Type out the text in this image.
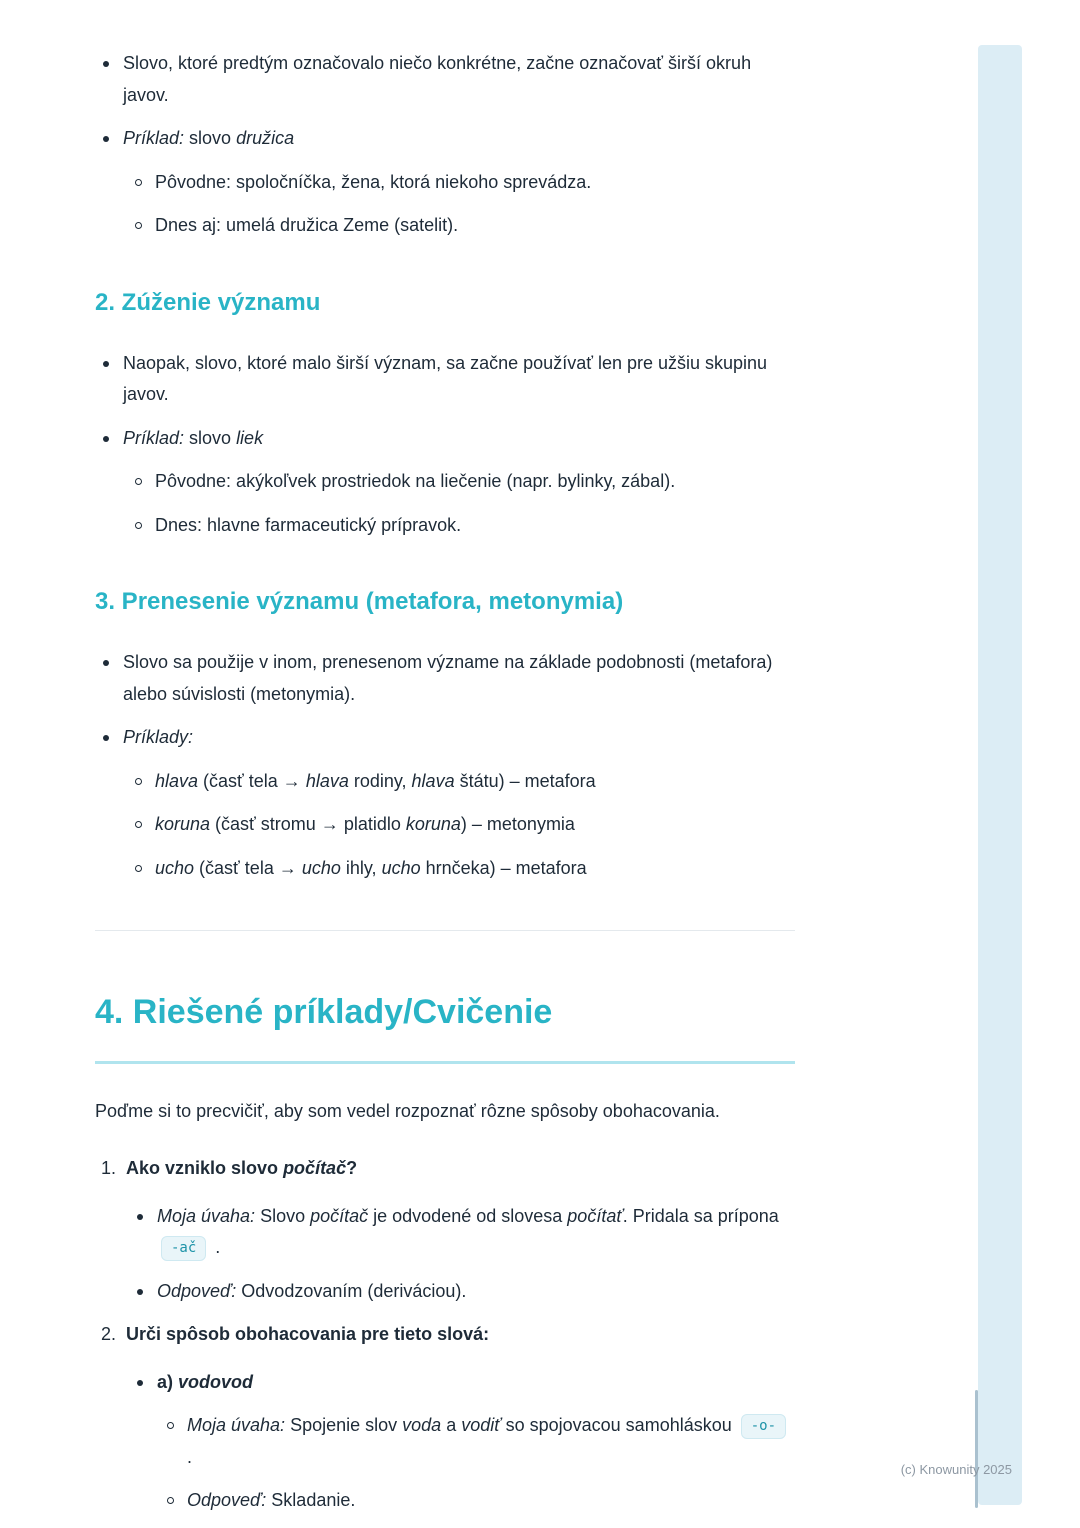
Slovo, ktoré predtým označovalo niečo konkrétne, začne označovať širší okruh javov.
Príklad: slovo družica
Pôvodne: spoločníčka, žena, ktorá niekoho sprevádza.
Dnes aj: umelá družica Zeme (satelit).
2. Zúženie významu
Naopak, slovo, ktoré malo širší význam, sa začne používať len pre užšiu skupinu javov.
Príklad: slovo liek
Pôvodne: akýkoľvek prostriedok na liečenie (napr. bylinky, zábal).
Dnes: hlavne farmaceutický prípravok.
3. Prenesenie významu (metafora, metonymia)
Slovo sa použije v inom, prenesenom význame na základe podobnosti (metafora) alebo súvislosti (metonymia).
Príklady:
hlava (časť tela → hlava rodiny, hlava štátu) – metafora
koruna (časť stromu → platidlo koruna) – metonymia
ucho (časť tela → ucho ihly, ucho hrnčeka) – metafora
4. Riešené príklady/Cvičenie
Poďme si to precvičiť, aby som vedel rozpoznať rôzne spôsoby obohacovania.
1. Ako vzniklo slovo počítač?
Moja úvaha: Slovo počítač je odvodené od slovesa počítať. Pridala sa prípona -ač .
Odpoveď: Odvodzovaním (deriváciou).
2. Urči spôsob obohacovania pre tieto slová:
a) vodovod
Moja úvaha: Spojenie slov voda a vodiť so spojovacou samohláskou -o- .
Odpoveď: Skladanie.
(c) Knowunity 2025
